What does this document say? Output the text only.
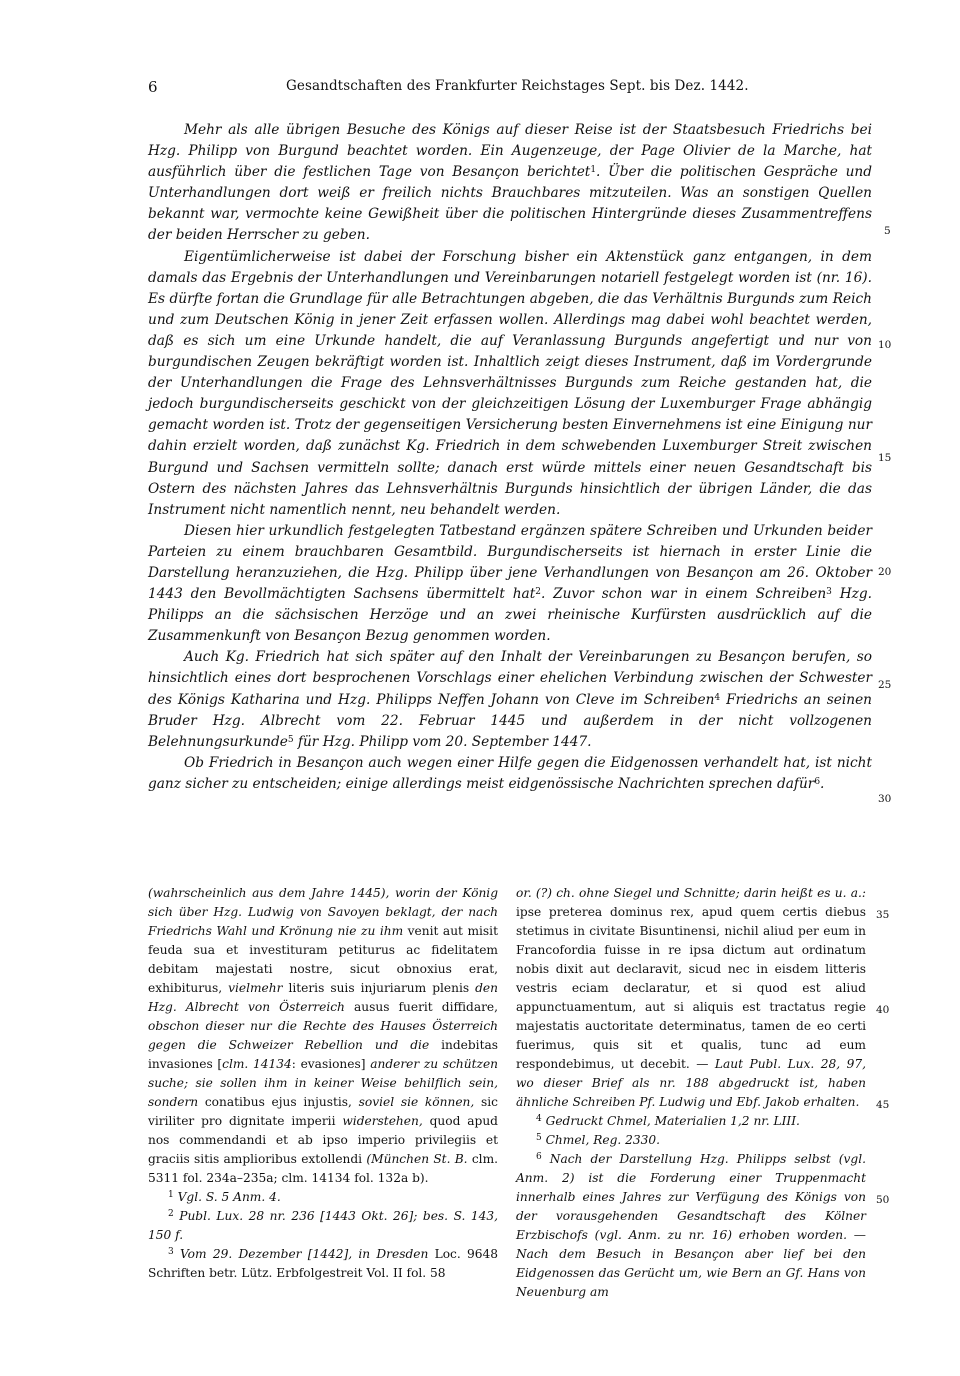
6	Gesandtschaften des Frankfurter Reichstages Sept. bis Dez. 1442.

Mehr als alle übrigen Besuche des Königs auf dieser Reise ist der Staatsbesuch Friedrichs bei Hzg. Philipp von Burgund beachtet worden. Ein Augenzeuge, der Page Olivier de la Marche, hat ausführlich über die festlichen Tage von Besançon berichtet$^1$. Über die politischen Gespräche und Unterhandlungen dort weiß er freilich nichts Brauchbares mitzuteilen. Was an sonstigen Quellen bekannt war, vermochte keine Gewißheit über die politischen Hintergründe dieses Zusammentreffens der beiden Herrscher zu geben.

Eigentümlicherweise ist dabei der Forschung bisher ein Aktenstück ganz entgangen, in dem damals das Ergebnis der Unterhandlungen und Vereinbarungen notariell festgelegt worden ist (nr. 16). Es dürfte fortan die Grundlage für alle Betrachtungen abgeben, die das Verhältnis Burgunds zum Reich und zum Deutschen König in jener Zeit erfassen wollen. Allerdings mag dabei wohl beachtet werden, daß es sich um eine Urkunde handelt, die auf Veranlassung Burgunds angefertigt und nur von burgundischen Zeugen bekräftigt worden ist. Inhaltlich zeigt dieses Instrument, daß im Vordergrunde der Unterhandlungen die Frage des Lehnsverhältnisses Burgunds zum Reiche gestanden hat, die jedoch burgundischerseits geschickt von der gleichzeitigen Lösung der Luxemburger Frage abhängig gemacht worden ist. Trotz der gegenseitigen Versicherung besten Einvernehmens ist eine Einigung nur dahin erzielt worden, daß zunächst Kg. Friedrich in dem schwebenden Luxemburger Streit zwischen Burgund und Sachsen vermitteln sollte; danach erst würde mittels einer neuen Gesandtschaft bis Ostern des nächsten Jahres das Lehnsverhältnis Burgunds hinsichtlich der übrigen Länder, die das Instrument nicht namentlich nennt, neu behandelt werden.

Diesen hier urkundlich festgelegten Tatbestand ergänzen spätere Schreiben und Urkunden beider Parteien zu einem brauchbaren Gesamtbild. Burgundischerseits ist hiernach in erster Linie die Darstellung heranzuziehen, die Hzg. Philipp über jene Verhandlungen von Besançon am 26. Oktober 1443 den Bevollmächtigten Sachsens übermittelt hat$^2$. Zuvor schon war in einem Schreiben$^3$ Hzg. Philipps an die sächsischen Herzöge und an zwei rheinische Kurfürsten ausdrücklich auf die Zusammenkunft von Besançon Bezug genommen worden.

Auch Kg. Friedrich hat sich später auf den Inhalt der Vereinbarungen zu Besançon berufen, so hinsichtlich eines dort besprochenen Vorschlags einer ehelichen Verbindung zwischen der Schwester des Königs Katharina und Hzg. Philipps Neffen Johann von Cleve im Schreiben$^4$ Friedrichs an seinen Bruder Hzg. Albrecht vom 22. Februar 1445 und außerdem in der nicht vollzogenen Belehnungsurkunde$^5$ für Hzg. Philipp vom 20. September 1447.

Ob Friedrich in Besançon auch wegen einer Hilfe gegen die Eidgenossen verhandelt hat, ist nicht ganz sicher zu entscheiden; einige allerdings meist eidgenössische Nachrichten sprechen dafür$^6$.

5
10
15
20
25
30

(wahrscheinlich aus dem Jahre 1445), worin der König sich über Hzg. Ludwig von Savoyen beklagt, der nach Friedrichs Wahl und Krönung nie zu ihm venit aut misit feuda sua et investituram petiturus ac fidelitatem debitam majestati nostre, sicut obnoxius erat, exhibiturus, vielmehr literis suis injuriarum plenis den Hzg. Albrecht von Österreich ausus fuerit diffidare, obschon dieser nur die Rechte des Hauses Österreich gegen die Schweizer Rebellion und die indebitas invasiones [clm. 14134: evasiones] anderer zu schützen suche; sie sollen ihm in keiner Weise behilflich sein, sondern conatibus ejus injustis, soviel sie können, sic viriliter pro dignitate imperii widerstehen, quod apud nos commendandi et ab ipso imperio privilegiis et graciis sitis amplioribus extollendi (München St. B. clm. 5311 fol. 234a–235a; clm. 14134 fol. 132a b).

$^1$ Vgl. S. 5 Anm. 4.

$^2$ Publ. Lux. 28 nr. 236 [1443 Okt. 26]; bes. S. 143, 150 f.

$^3$ Vom 29. Dezember [1442], in Dresden Loc. 9648 Schriften betr. Lütz. Erbfolgestreit Vol. II fol. 58

or. (?) ch. ohne Siegel und Schnitte; darin heißt es u. a.: ipse preterea dominus rex, apud quem certis diebus stetimus in civitate Bisuntinensi, nichil aliud per eum in Francofordia fuisse in re ipsa dictum aut ordinatum nobis dixit aut declaravit, sicud nec in eisdem litteris vestris eciam declaratur, et si quod est aliud appunctuamentum, aut si aliquis est tractatus regie majestatis auctoritate determinatus, tamen de eo certi fuerimus, quis sit et qualis, tunc ad eum respondebimus, ut decebit. — Laut Publ. Lux. 28, 97, wo dieser Brief als nr. 188 abgedruckt ist, haben ähnliche Schreiben Pf. Ludwig und Ebf. Jakob erhalten.

$^4$ Gedruckt Chmel, Materialien 1,2 nr. LIII.

$^5$ Chmel, Reg. 2330.

$^6$ Nach der Darstellung Hzg. Philipps selbst (vgl. Anm. 2) ist die Forderung einer Truppenmacht innerhalb eines Jahres zur Verfügung des Königs von der vorausgehenden Gesandtschaft des Kölner Erzbischofs (vgl. Anm. zu nr. 16) erhoben worden. — Nach dem Besuch in Besançon aber lief bei den Eidgenossen das Gerücht um, wie Bern an Gf. Hans von Neuenburg am

35
40
45
50
